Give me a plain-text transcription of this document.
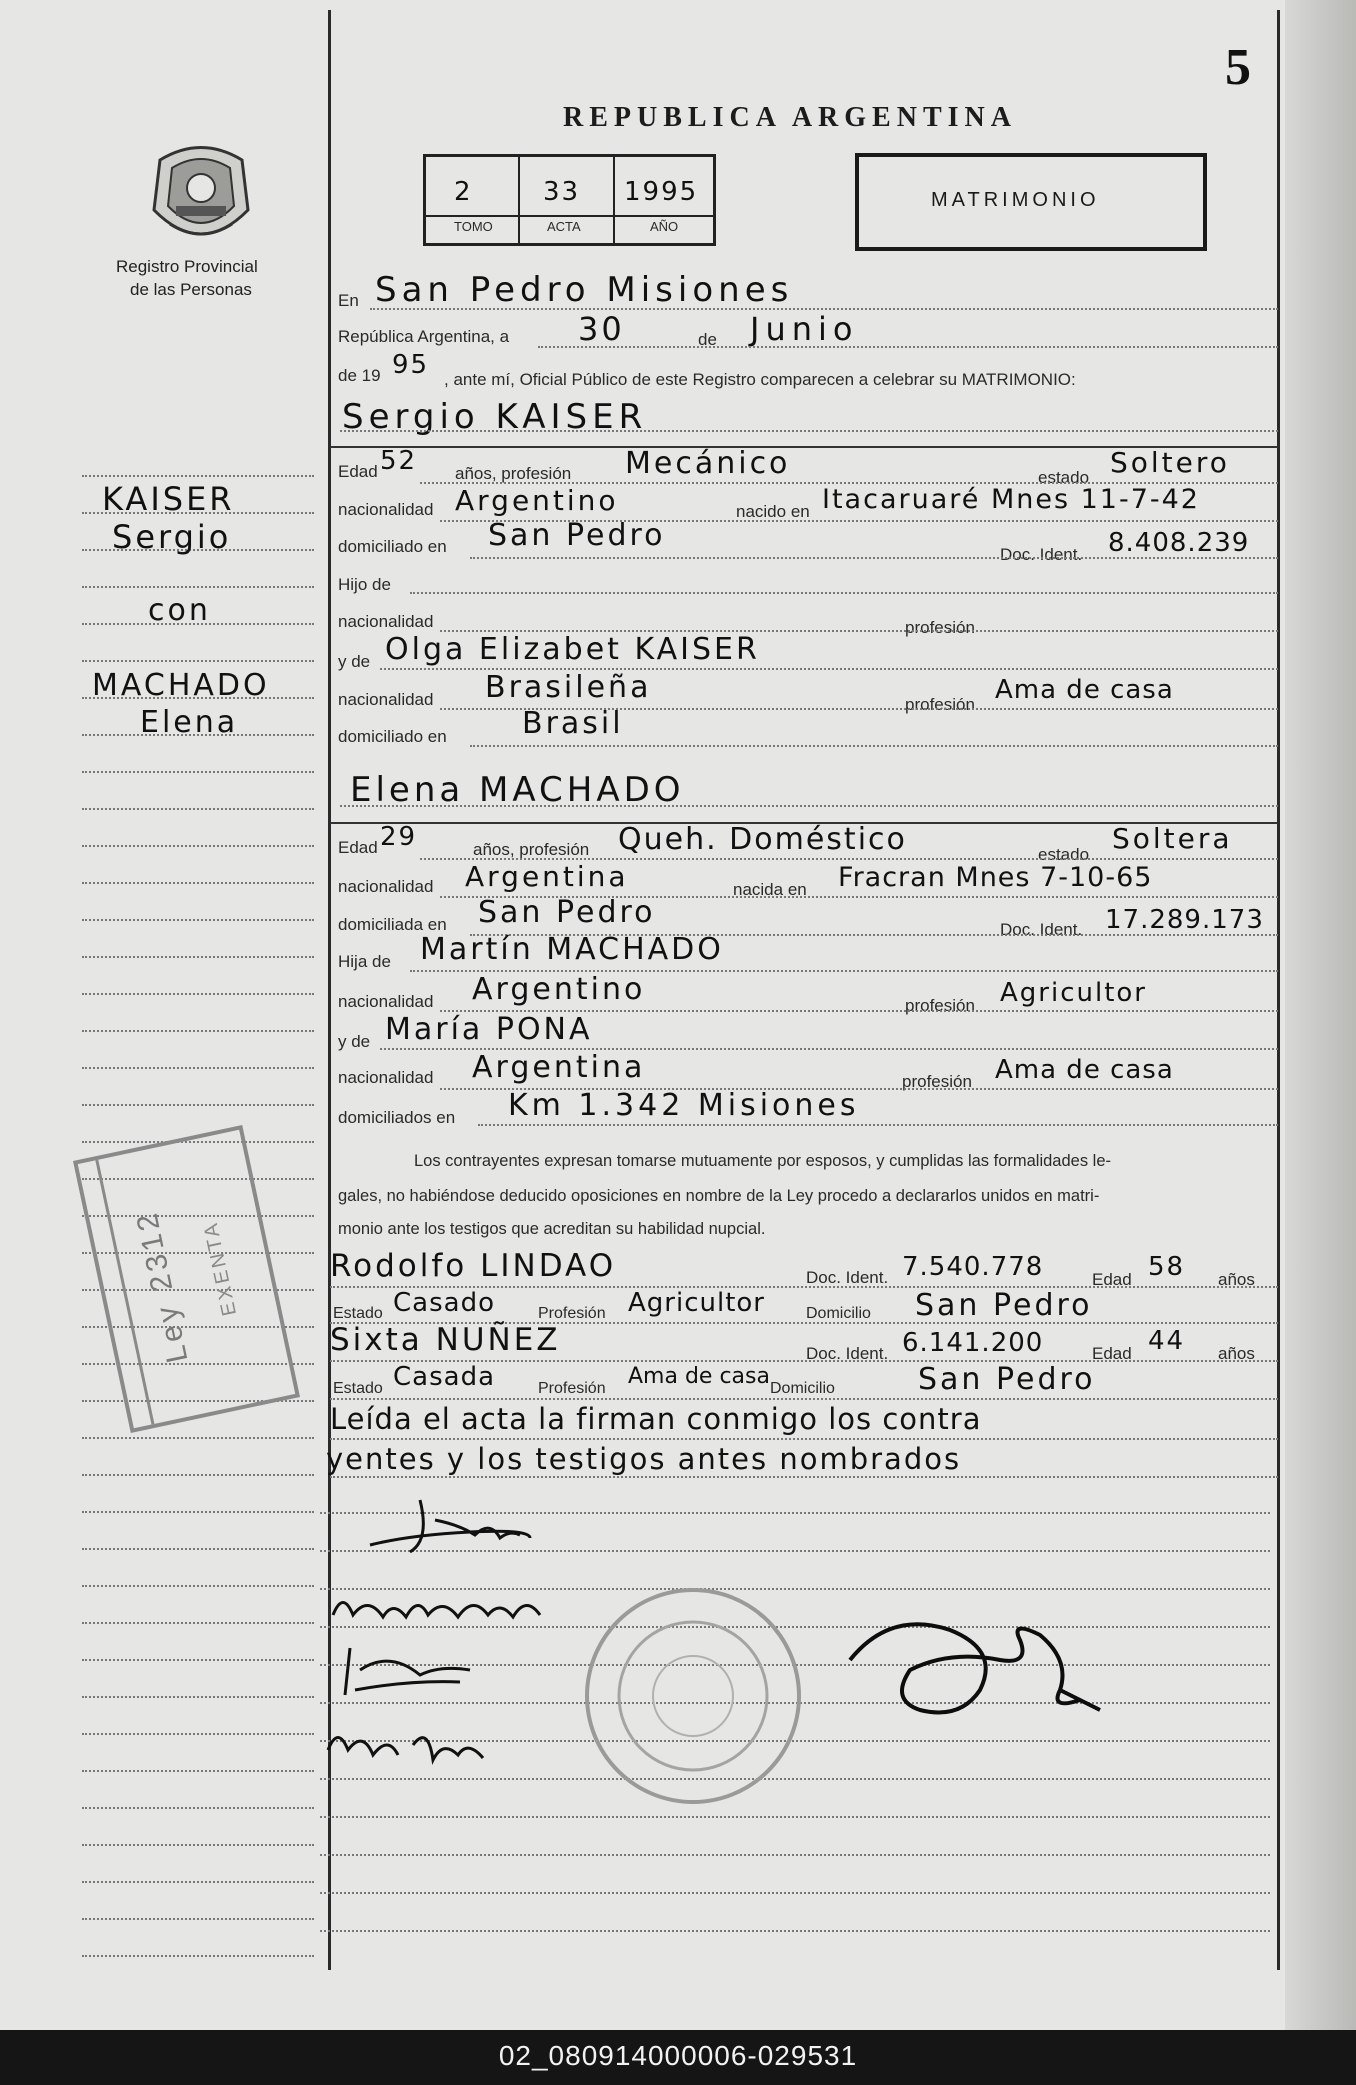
5
REPUBLICA ARGENTINA
Registro Provincial
de las Personas
2
TOMO
33
ACTA
1995
AÑO
MATRIMONIO
KAISER
Sergio
con
MACHADO
Elena
En San Pedro Misiones
República Argentina, a 30	de Junio
de 19 95 , ante mí, Oficial Público de este Registro comparecen a celebrar su MATRIMONIO:
Sergio KAISER
Edad 52 años, profesión Mecánico	estado Soltero
nacionalidad Argentino	nacido en Itacaruaré Mnes 11-7-42
domiciliado en San Pedro
Doc. Ident. 8.408.239
Hijo de
nacionalidad	profesión
y de Olga Elizabet KAISER
nacionalidad Brasileña	profesión Ama de casa
domiciliado en	Brasil
Elena MACHADO
Edad 29	años, profesión Queh. Doméstico	estado Soltera
nacionalidad Argentina	nacida en Fracran Mnes 7-10-65
domiciliada en San Pedro	Doc. Ident. 17.289.173
Hija de Martín MACHADO
nacionalidad Argentino	profesión Agricultor
y de María PONA
nacionalidad Argentina	profesión Ama de casa
domiciliados en Km 1.342 Misiones
Los contrayentes expresan tomarse mutuamente por esposos, y cumplidas las formalidades le-
gales, no habiéndose deducido oposiciones en nombre de la Ley procedo a declararlos unidos en matri-
monio ante los testigos que acreditan su habilidad nupcial.
Rodolfo LINDAO	Doc. Ident. 7.540.778	Edad 58 años
Estado Casado	Profesión Agricultor	Domicilio San Pedro
Sixta NUÑEZ	Doc. Ident. 6.141.200	Edad 44 años
Estado Casada	Profesión Ama de casa Domicilio	San Pedro
Leída el acta la firman conmigo los contra
yentes y los testigos antes nombrados
Ley 2312 EXENTA
02_080914000006-029531
